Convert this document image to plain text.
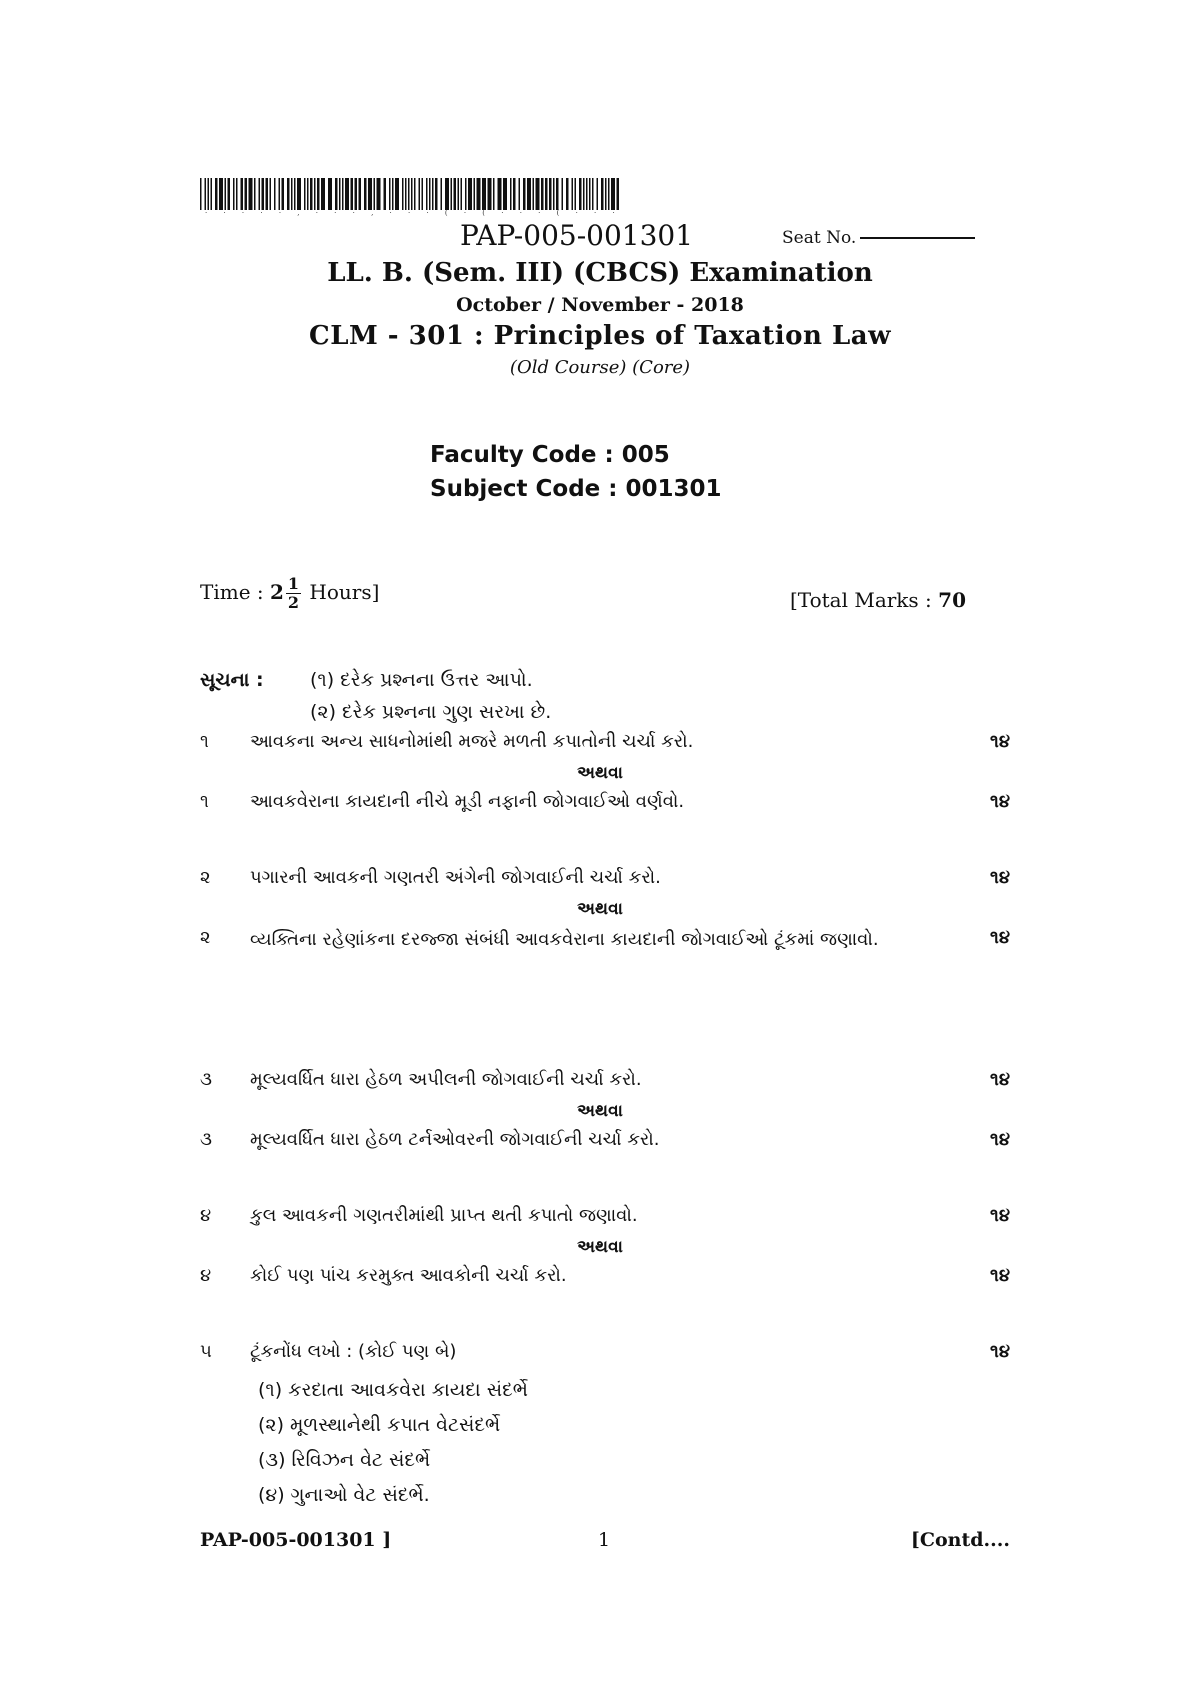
· · · · · , · · · , · · · ( · ( · · · ( · · ·
PAP-005-001301	Seat No.
LL. B. (Sem. III) (CBCS) Examination
October / November - 2018
CLM - 301 : Principles of Taxation Law
(Old Course) (Core)
Faculty Code : 005
Subject Code : 001301
Time : $2 \frac{1}{2}$ Hours]	[Total Marks : 70
સૂચના : (૧) દરેક પ્રશ્નના ઉત્તર આપો.
(૨) દરેક પ્રશ્નના ગુણ સરખા છે.
૧	આવકના અન્ય સાધનોમાંથી મજરે મળતી કપાતોની ચર્ચા કરો.	૧૪
અથવા
૧	આવકવેરાના કાયદાની નીચે મૂડી નફાની જોગવાઈઓ વર્ણવો.	૧૪
૨	પગારની આવકની ગણતરી અંગેની જોગવાઈની ચર્ચા કરો.	૧૪
અથવા
૨	વ્યક્તિના રહેણાંકના દરજ્જા સંબંધી આવકવેરાના કાયદાની જોગવાઈઓ ટૂંકમાં જણાવો.	૧૪
૩	મૂલ્યવર્ધિત ધારા હેઠળ અપીલની જોગવાઈની ચર્ચા કરો.	૧૪
અથવા
૩	મૂલ્યવર્ધિત ધારા હેઠળ ટર્નઓવરની જોગવાઈની ચર્ચા કરો.	૧૪
૪	કુલ આવકની ગણતરીમાંથી પ્રાપ્ત થતી કપાતો જણાવો.	૧૪
અથવા
૪	કોઈ પણ પાંચ કરમુક્ત આવકોની ચર્ચા કરો.	૧૪
૫	ટૂંકનોંધ લખો : (કોઈ પણ બે)	૧૪
(૧) કરદાતા આવકવેરા કાયદા સંદર્ભે
(૨) મૂળસ્થાનેથી કપાત વેટસંદર્ભે
(૩) રિવિઝન વેટ સંદર્ભે
(૪) ગુનાઓ વેટ સંદર્ભે.
PAP-005-001301 ]	1	[Contd....
